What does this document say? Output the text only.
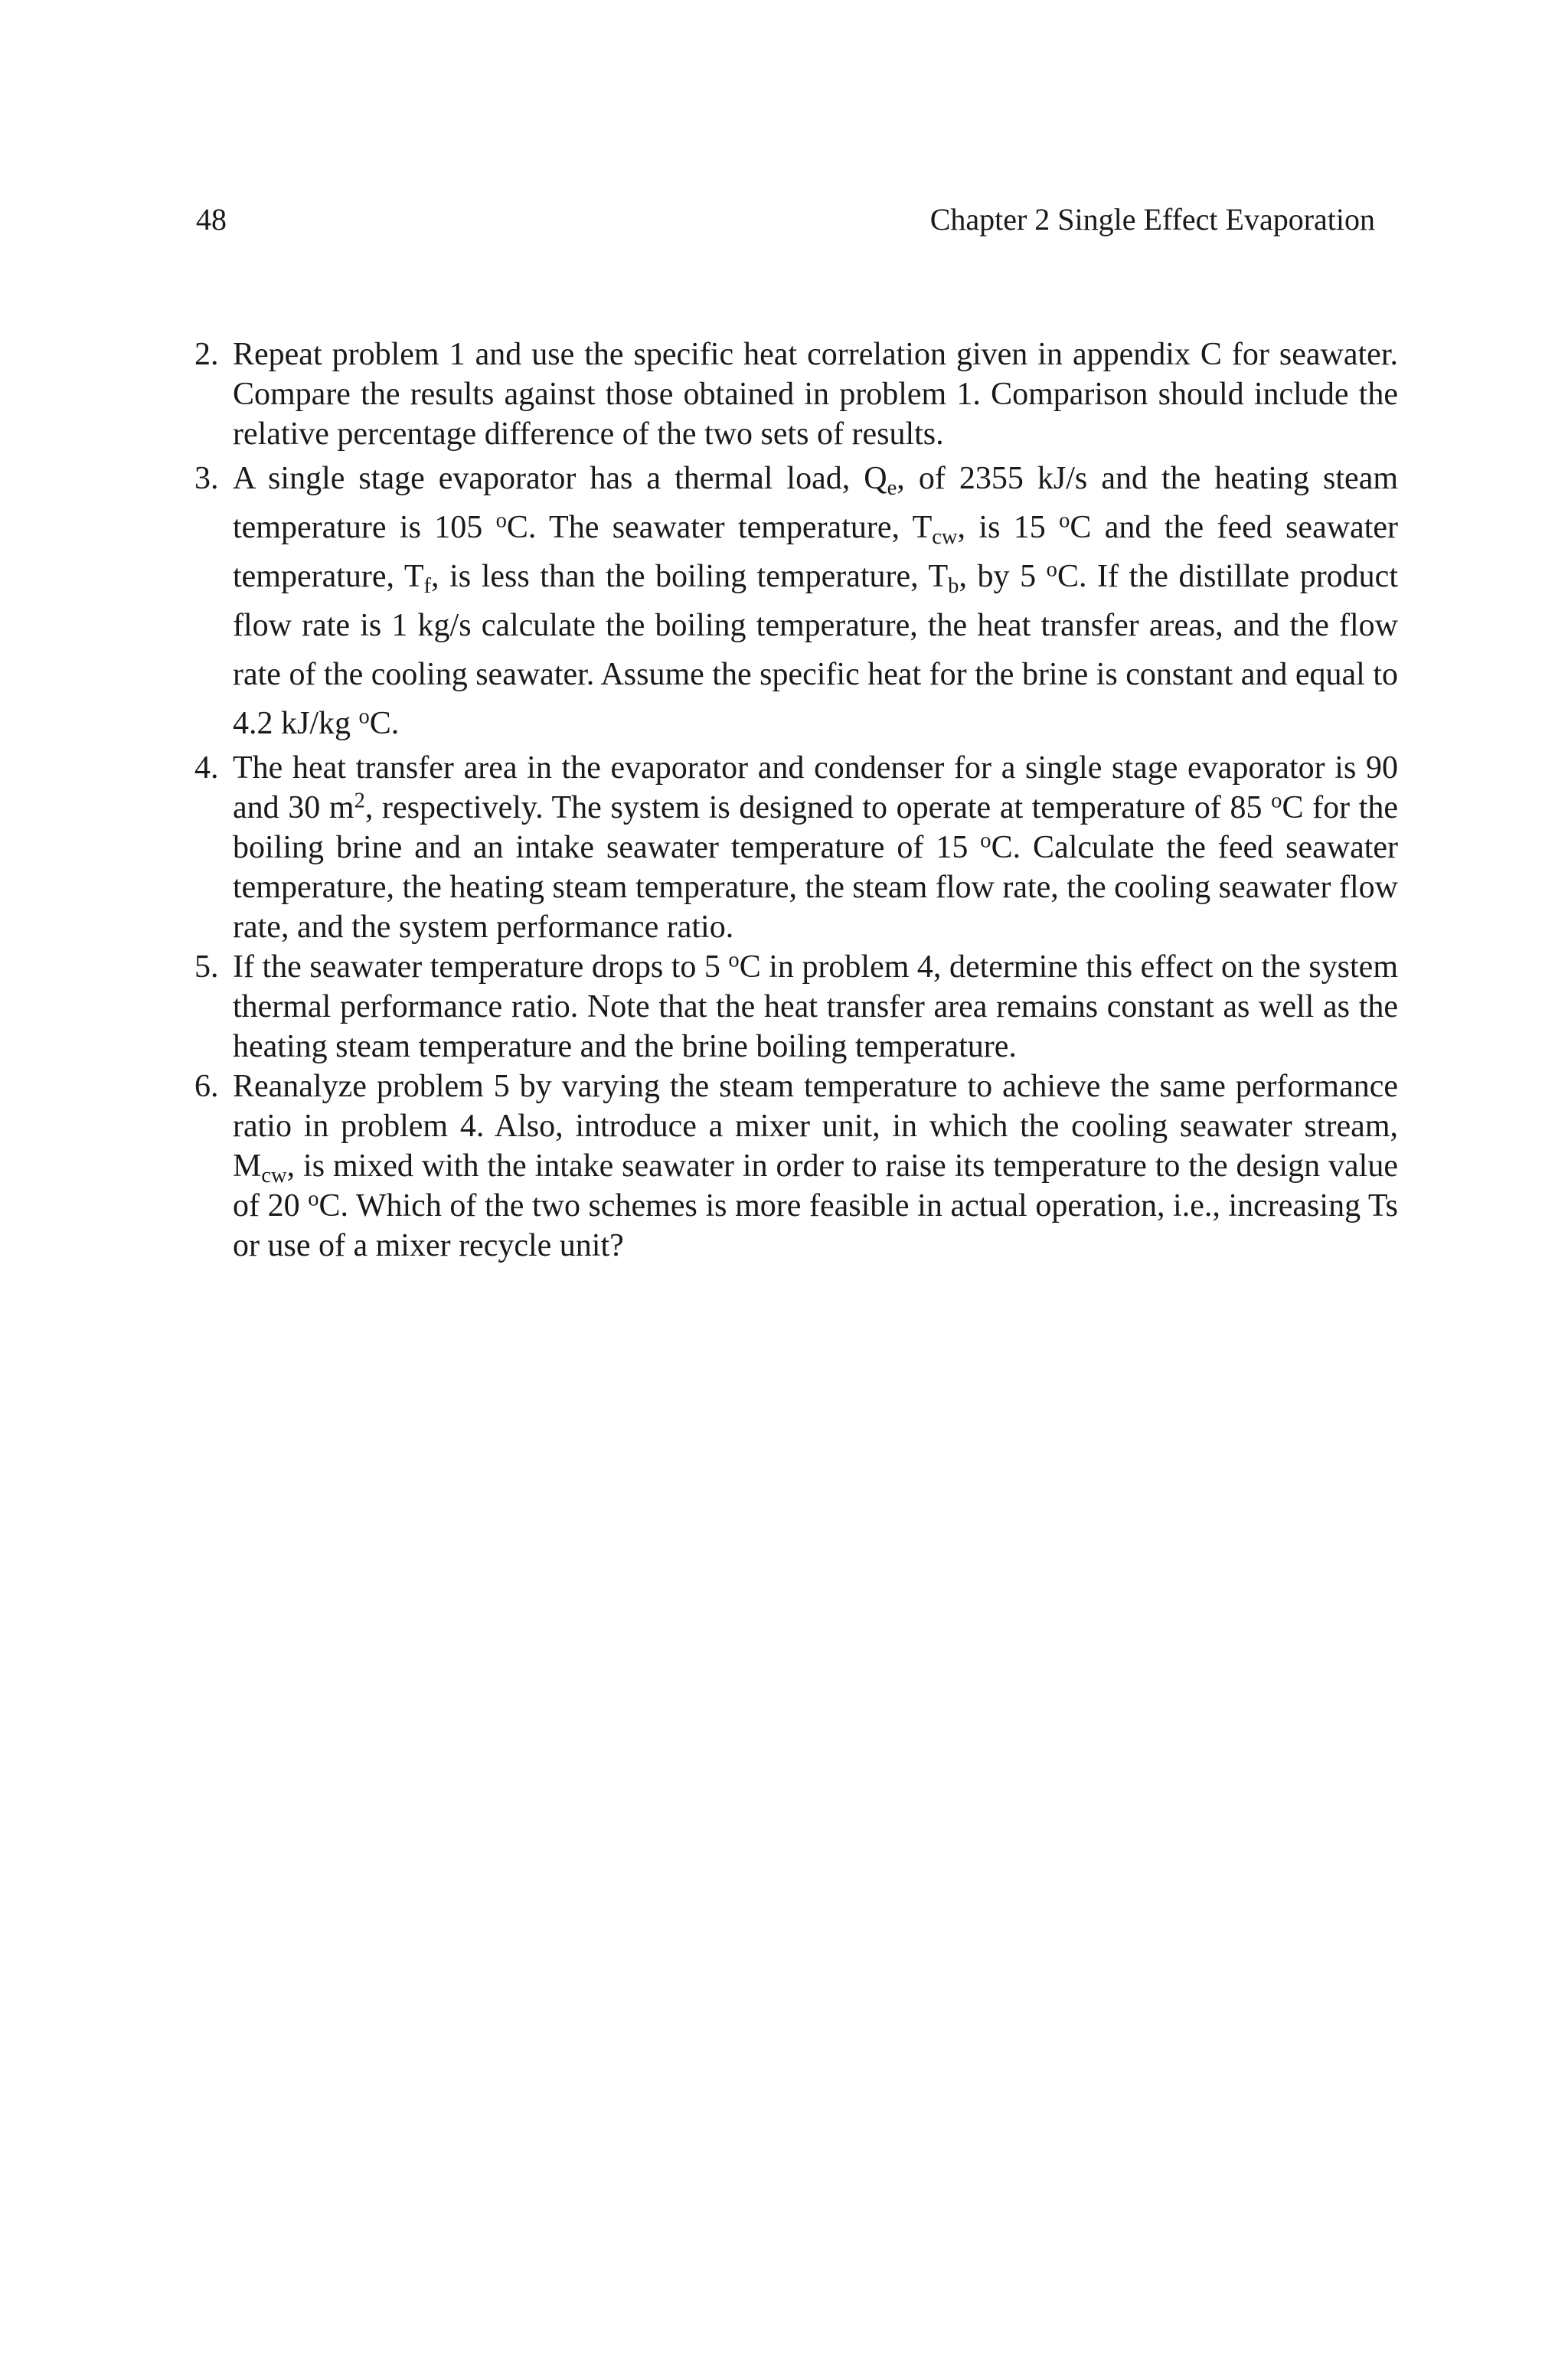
48	Chapter 2 Single Effect Evaporation
2. Repeat problem 1 and use the specific heat correlation given in appendix C for seawater. Compare the results against those obtained in problem 1. Comparison should include the relative percentage difference of the two sets of results.
3. A single stage evaporator has a thermal load, $Q_e$, of 2355 kJ/s and the heating steam temperature is 105 $^o$C. The seawater temperature, $T_{cw}$, is 15 $^o$C and the feed seawater temperature, $T_f$, is less than the boiling temperature, $T_b$, by 5 $^o$C. If the distillate product flow rate is 1 kg/s calculate the boiling temperature, the heat transfer areas, and the flow rate of the cooling seawater. Assume the specific heat for the brine is constant and equal to 4.2 kJ/kg $^o$C.
4. The heat transfer area in the evaporator and condenser for a single stage evaporator is 90 and 30 $m^2$, respectively. The system is designed to operate at temperature of 85 $^o$C for the boiling brine and an intake seawater temperature of 15 $^o$C. Calculate the feed seawater temperature, the heating steam temperature, the steam flow rate, the cooling seawater flow rate, and the system performance ratio.
5. If the seawater temperature drops to 5 $^o$C in problem 4, determine this effect on the system thermal performance ratio. Note that the heat transfer area remains constant as well as the heating steam temperature and the brine boiling temperature.
6. Reanalyze problem 5 by varying the steam temperature to achieve the same performance ratio in problem 4. Also, introduce a mixer unit, in which the cooling seawater stream, $M_{cw}$, is mixed with the intake seawater in order to raise its temperature to the design value of 20 $^o$C. Which of the two schemes is more feasible in actual operation, i.e., increasing Ts or use of a mixer recycle unit?
